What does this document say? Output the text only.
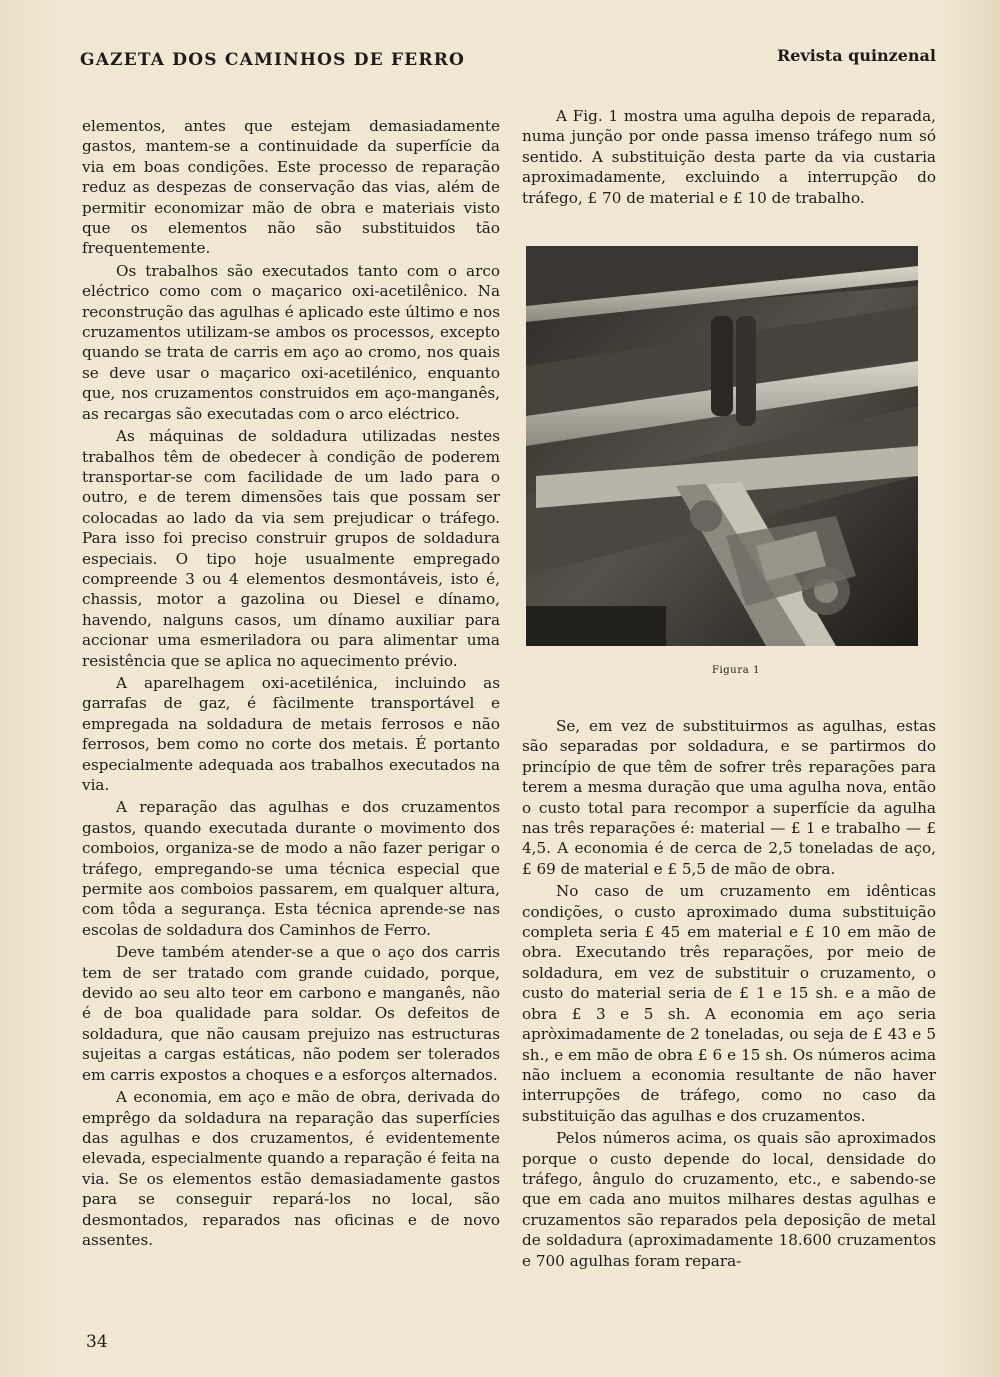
GAZETA DOS CAMINHOS DE FERRO	Revista quinzenal

elementos, antes que estejam demasiadamente gastos, mantem-se a continuidade da superfície da via em boas condições. Este processo de reparação reduz as despezas de conservação das vias, além de permitir economizar mão de obra e materiais visto que os elementos não são substituidos tão frequentemente.

Os trabalhos são executados tanto com o arco eléctrico como com o maçarico oxi-acetilênico. Na reconstrução das agulhas é aplicado este último e nos cruzamentos utilizam-se ambos os processos, excepto quando se trata de carris em aço ao cromo, nos quais se deve usar o maçarico oxi-acetilénico, enquanto que, nos cruzamentos construidos em aço-manganês, as recargas são executadas com o arco eléctrico.

As máquinas de soldadura utilizadas nestes trabalhos têm de obedecer à condição de poderem transportar-se com facilidade de um lado para o outro, e de terem dimensões tais que possam ser colocadas ao lado da via sem prejudicar o tráfego. Para isso foi preciso construir grupos de soldadura especiais. O tipo hoje usualmente empregado compreende 3 ou 4 elementos desmontáveis, isto é, chassis, motor a gazolina ou Diesel e dínamo, havendo, nalguns casos, um dínamo auxiliar para accionar uma esmeriladora ou para alimentar uma resistência que se aplica no aquecimento prévio.

A aparelhagem oxi-acetilénica, incluindo as garrafas de gaz, é fàcilmente transportável e empregada na soldadura de metais ferrosos e não ferrosos, bem como no corte dos metais. É portanto especialmente adequada aos trabalhos executados na via.

A reparação das agulhas e dos cruzamentos gastos, quando executada durante o movimento dos comboios, organiza-se de modo a não fazer perigar o tráfego, empregando-se uma técnica especial que permite aos comboios passarem, em qualquer altura, com tôda a segurança. Esta técnica aprende-se nas escolas de soldadura dos Caminhos de Ferro.

Deve também atender-se a que o aço dos carris tem de ser tratado com grande cuidado, porque, devido ao seu alto teor em carbono e manganês, não é de boa qualidade para soldar. Os defeitos de soldadura, que não causam prejuizo nas estructuras sujeitas a cargas estáticas, não podem ser tolerados em carris expostos a choques e a esforços alternados.

A economia, em aço e mão de obra, derivada do emprêgo da soldadura na reparação das superfícies das agulhas e dos cruzamentos, é evidentemente elevada, especialmente quando a reparação é feita na via. Se os elementos estão demasiadamente gastos para se conseguir repará-los no local, são desmontados, reparados nas oficinas e de novo assentes.

A Fig. 1 mostra uma agulha depois de reparada, numa junção por onde passa imenso tráfego num só sentido. A substituição desta parte da via custaria aproximadamente, excluindo a interrupção do tráfego, £ 70 de material e £ 10 de trabalho.

Figura 1

Se, em vez de substituirmos as agulhas, estas são separadas por soldadura, e se partirmos do princípio de que têm de sofrer três reparações para terem a mesma duração que uma agulha nova, então o custo total para recompor a superfície da agulha nas três reparações é: material — £ 1 e trabalho — £ 4,5. A economia é de cerca de 2,5 toneladas de aço, £ 69 de material e £ 5,5 de mão de obra.

No caso de um cruzamento em idênticas condições, o custo aproximado duma substituição completa seria £ 45 em material e £ 10 em mão de obra. Executando três reparações, por meio de soldadura, em vez de substituir o cruzamento, o custo do material seria de £ 1 e 15 sh. e a mão de obra £ 3 e 5 sh. A economia em aço seria apròximadamente de 2 toneladas, ou seja de £ 43 e 5 sh., e em mão de obra £ 6 e 15 sh. Os números acima não incluem a economia resultante de não haver interrupções de tráfego, como no caso da substituição das agulhas e dos cruzamentos.

Pelos números acima, os quais são aproximados porque o custo depende do local, densidade do tráfego, ângulo do cruzamento, etc., e sabendo-se que em cada ano muitos milhares destas agulhas e cruzamentos são reparados pela deposição de metal de soldadura (aproximadamente 18.600 cruzamentos e 700 agulhas foram repara-

34
